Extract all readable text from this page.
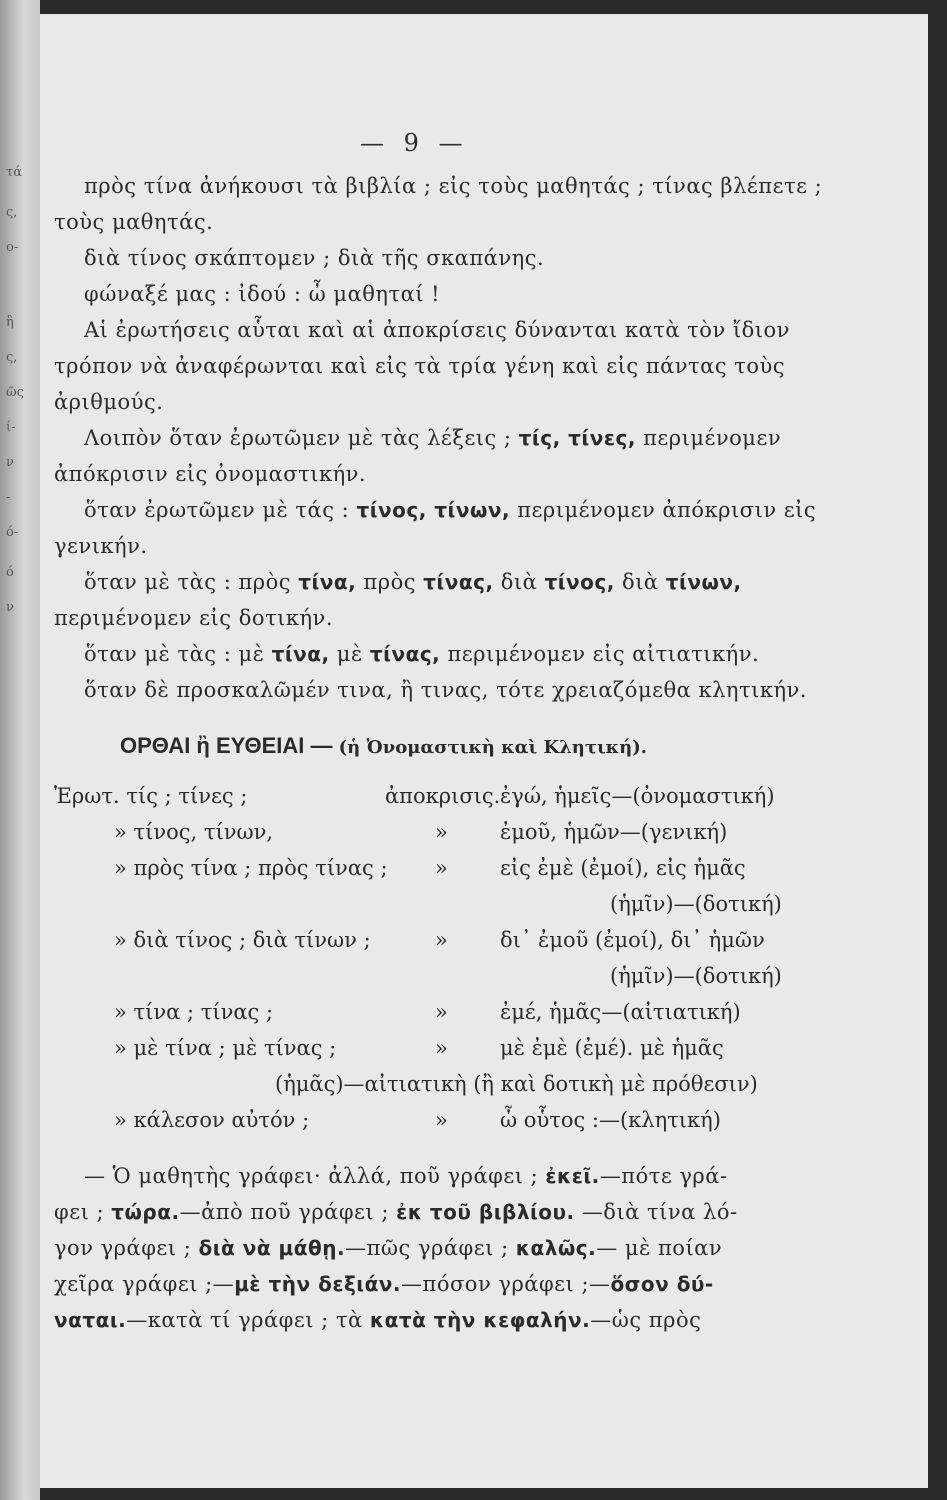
τά
ς,
ο-
ἢ
ς,
ῶς
ί-
ν
-
ό-
ό
ν
— 9 —
πρὸς τίνα ἀνήκουσι τὰ βιβλία ; εἰς τοὺς μαθητάς ; τίνας βλέπετε ;
τοὺς μαθητάς.
διὰ τίνος σκάπτομεν ; διὰ τῆς σκαπάνης.
φώναξέ μας : ἰδού : ὦ μαθηταί !
Αἱ ἐρωτήσεις αὗται καὶ αἱ ἀποκρίσεις δύνανται κατὰ τὸν ἴδιον
τρόπον νὰ ἀναφέρωνται καὶ εἰς τὰ τρία γένη καὶ εἰς πάντας τοὺς
ἀριθμούς.
Λοιπὸν ὅταν ἐρωτῶμεν μὲ τὰς λέξεις ; τίς, τίνες, περιμένομεν
ἀπόκρισιν εἰς ὀνομαστικήν.
ὅταν ἐρωτῶμεν μὲ τάς : τίνος, τίνων, περιμένομεν ἀπόκρισιν εἰς
γενικήν.
ὅταν μὲ τὰς : πρὸς τίνα, πρὸς τίνας, διὰ τίνος, διὰ τίνων,
περιμένομεν εἰς δοτικήν.
ὅταν μὲ τὰς : μὲ τίνα, μὲ τίνας, περιμένομεν εἰς αἰτιατικήν.
ὅταν δὲ προσκαλῶμέν τινα, ἢ τινας, τότε χρειαζόμεθα κλητικήν.
ΟΡΘΑΙ ἢ ΕΥΘΕΙΑΙ — (ἡ Ὀνομαστικὴ καὶ Κλητική).
Ἐρωτ. τίς ; τίνες ;	ἀποκρισις. ἐγώ, ἡμεῖς—(ὀνομαστική)
» τίνος, τίνων,	» ἐμοῦ, ἡμῶν—(γενική)
» πρὸς τίνα ; πρὸς τίνας ; » εἰς ἐμὲ (ἐμοί), εἰς ἡμᾶς
(ἡμῖν)—(δοτική)
» διὰ τίνος ; διὰ τίνων ;	» δι᾽ ἐμοῦ (ἐμοί), δι᾽ ἡμῶν
(ἡμῖν)—(δοτική)
» τίνα ; τίνας ;	» ἐμέ, ἡμᾶς—(αἰτιατική)
» μὲ τίνα ; μὲ τίνας ;	» μὲ ἐμὲ (ἐμέ). μὲ ἡμᾶς
(ἡμᾶς)—αἰτιατικὴ (ἢ καὶ δοτικὴ μὲ πρόθεσιν)
» κάλεσον αὐτόν ;	» ὦ οὗτος :—(κλητική)
— Ὁ μαθητὴς γράφει· ἀλλά, ποῦ γράφει ; ἐκεῖ.—πότε γρά-
φει ; τώρα.—ἀπὸ ποῦ γράφει ; ἐκ τοῦ βιβλίου. —διὰ τίνα λό-
γον γράφει ; διὰ νὰ μάθῃ.—πῶς γράφει ; καλῶς.— μὲ ποίαν
χεῖρα γράφει ;—μὲ τὴν δεξιάν.—πόσον γράφει ;—ὅσον δύ-
ναται.—κατὰ τί γράφει ; τὰ κατὰ τὴν κεφαλήν.—ὡς πρὸς
